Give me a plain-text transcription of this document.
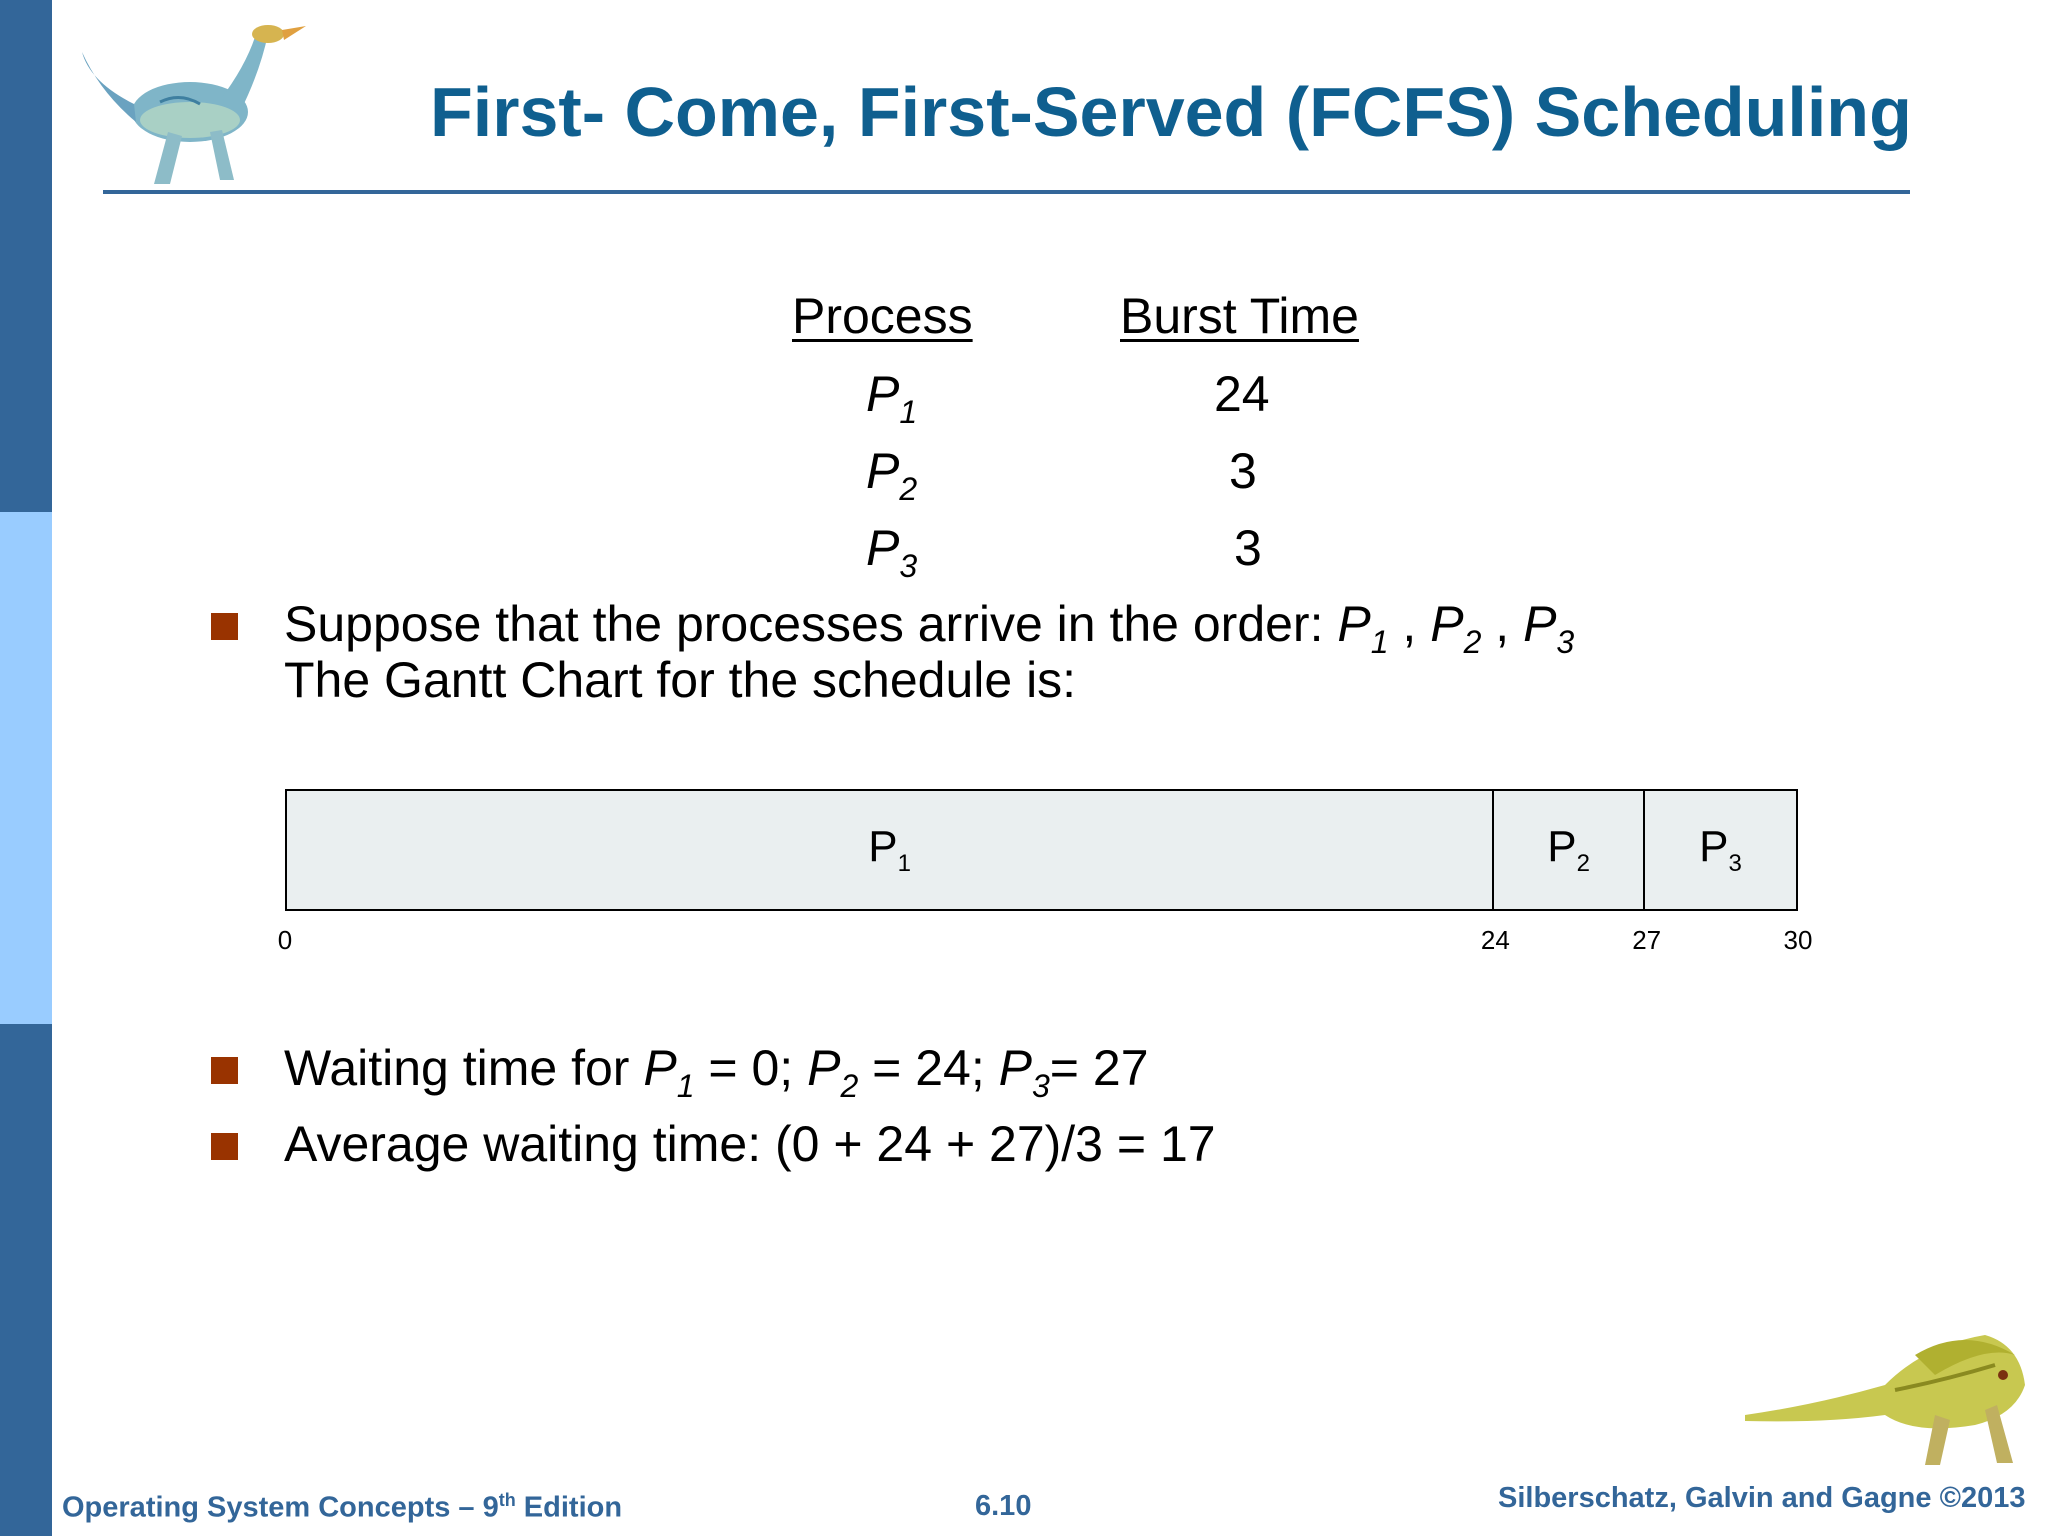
First- Come, First-Served (FCFS) Scheduling
Process	Burst Time
$P_1$	24
$P_2$	3
$P_3$	3
Suppose that the processes arrive in the order: $P_1$ , $P_2$ , $P_3$
The Gantt Chart for the schedule is:
$P_1$	$P_2$ $P_3$
0	24	27	30
Waiting time for $P_1 = 0$; $P_2 = 24$; $P_3= 27$
Average waiting time: (0 + 24 + 27)/3 = 17
Operating System Concepts – 9th Edition	6.10	Silberschatz, Galvin and Gagne ©2013
